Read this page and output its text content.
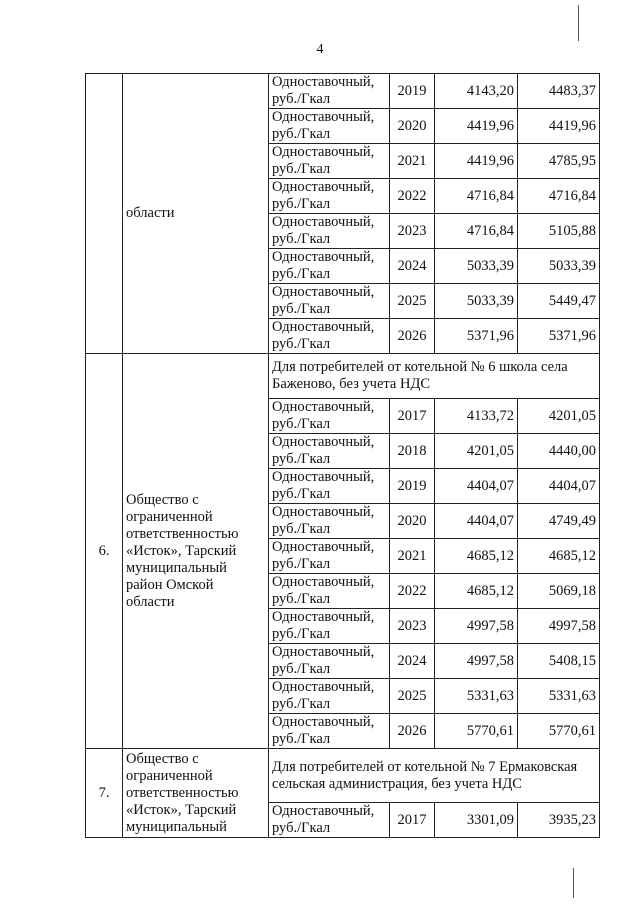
4
	области	Одноставочный, руб./Гкал	2019	4143,20	4483,37
		Одноставочный, руб./Гкал	2020	4419,96	4419,96
		Одноставочный, руб./Гкал	2021	4419,96	4785,95
		Одноставочный, руб./Гкал	2022	4716,84	4716,84
		Одноставочный, руб./Гкал	2023	4716,84	5105,88
		Одноставочный, руб./Гкал	2024	5033,39	5033,39
		Одноставочный, руб./Гкал	2025	5033,39	5449,47
		Одноставочный, руб./Гкал	2026	5371,96	5371,96
6.	Общество с ограниченной ответственностью «Исток», Тарский муниципальный район Омской области	Для потребителей от котельной № 6 школа села Баженово, без учета НДС			
		Одноставочный, руб./Гкал	2017	4133,72	4201,05
		Одноставочный, руб./Гкал	2018	4201,05	4440,00
		Одноставочный, руб./Гкал	2019	4404,07	4404,07
		Одноставочный, руб./Гкал	2020	4404,07	4749,49
		Одноставочный, руб./Гкал	2021	4685,12	4685,12
		Одноставочный, руб./Гкал	2022	4685,12	5069,18
		Одноставочный, руб./Гкал	2023	4997,58	4997,58
		Одноставочный, руб./Гкал	2024	4997,58	5408,15
		Одноставочный, руб./Гкал	2025	5331,63	5331,63
		Одноставочный, руб./Гкал	2026	5770,61	5770,61
7.	Общество с ограниченной ответственностью «Исток», Тарский муниципальный	Для потребителей от котельной № 7 Ермаковская сельская администрация, без учета НДС			
		Одноставочный, руб./Гкал	2017	3301,09	3935,23
